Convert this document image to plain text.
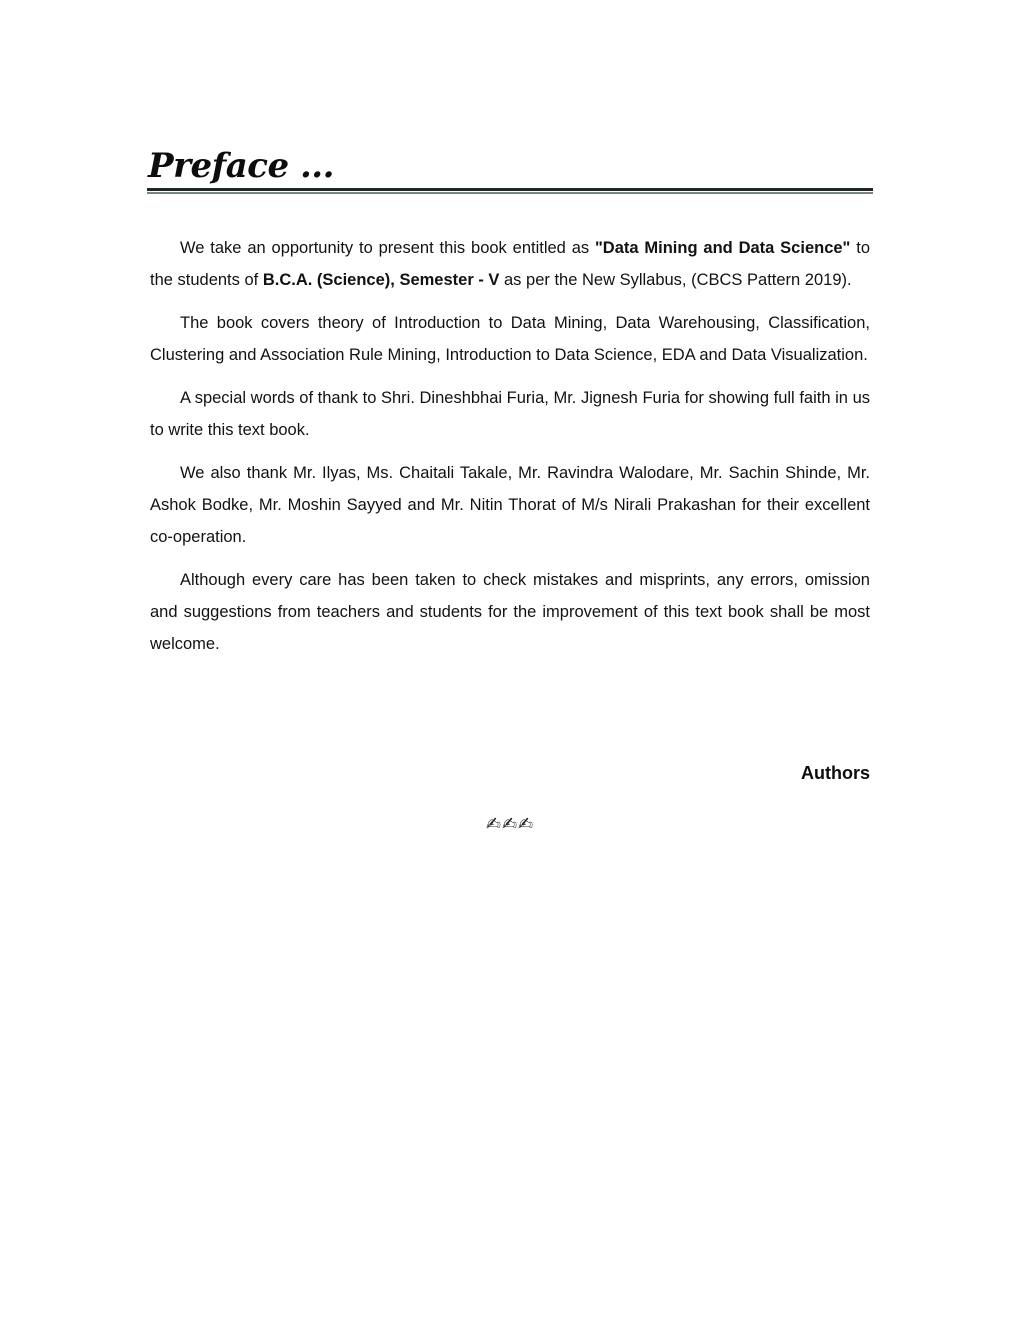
Preface ...

We take an opportunity to present this book entitled as "Data Mining and Data Science" to the students of B.C.A. (Science), Semester - V as per the New Syllabus, (CBCS Pattern 2019).

The book covers theory of Introduction to Data Mining, Data Warehousing, Classification, Clustering and Association Rule Mining, Introduction to Data Science, EDA and Data Visualization.

A special words of thank to Shri. Dineshbhai Furia, Mr. Jignesh Furia for showing full faith in us to write this text book.

We also thank Mr. Ilyas, Ms. Chaitali Takale, Mr. Ravindra Walodare, Mr. Sachin Shinde, Mr. Ashok Bodke, Mr. Moshin Sayyed and Mr. Nitin Thorat of M/s Nirali Prakashan for their excellent co-operation.

Although every care has been taken to check mistakes and misprints, any errors, omission and suggestions from teachers and students for the improvement of this text book shall be most welcome.

Authors
✍✍✍
